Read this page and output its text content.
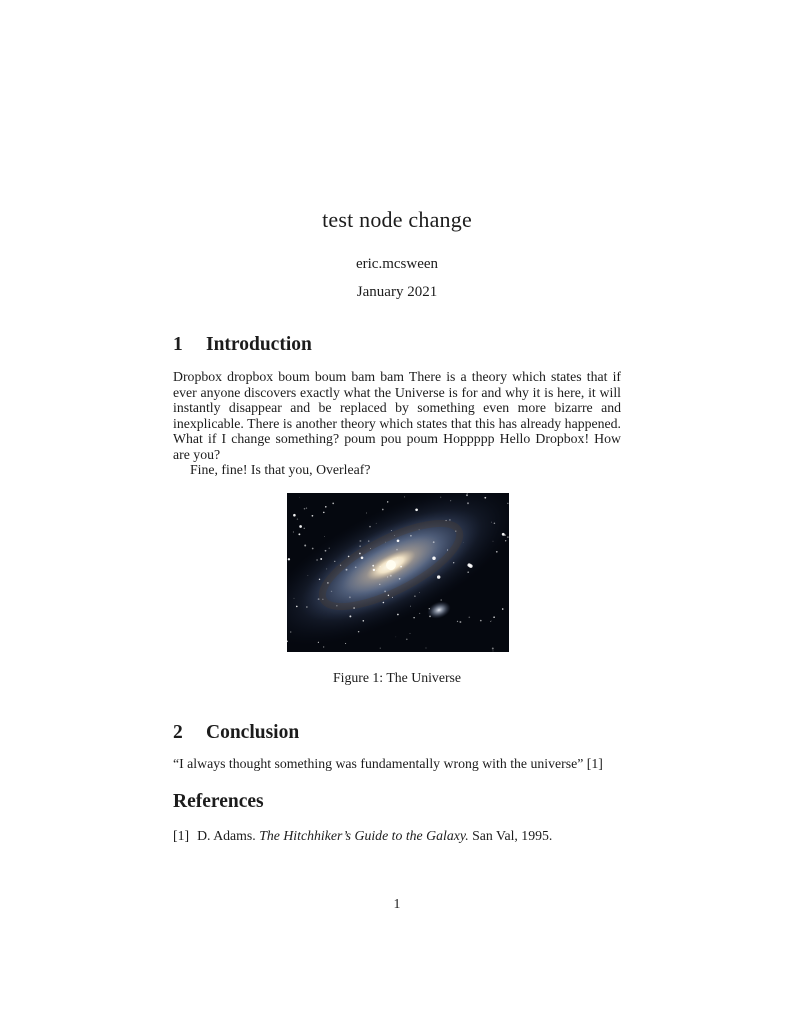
test node change
eric.mcsween
January 2021
1	Introduction
Dropbox dropbox boum boum bam bam There is a theory which states that if ever anyone discovers exactly what the Universe is for and why it is here, it will instantly disappear and be replaced by something even more bizarre and inexplicable. There is another theory which states that this has already happened. What if I change something? poum pou poum Hoppppp Hello Dropbox! How are you?
Fine, fine! Is that you, Overleaf?
Figure 1: The Universe
2	Conclusion
“I always thought something was fundamentally wrong with the universe” [1]
References
[1] D. Adams. The Hitchhiker’s Guide to the Galaxy. San Val, 1995.
1
